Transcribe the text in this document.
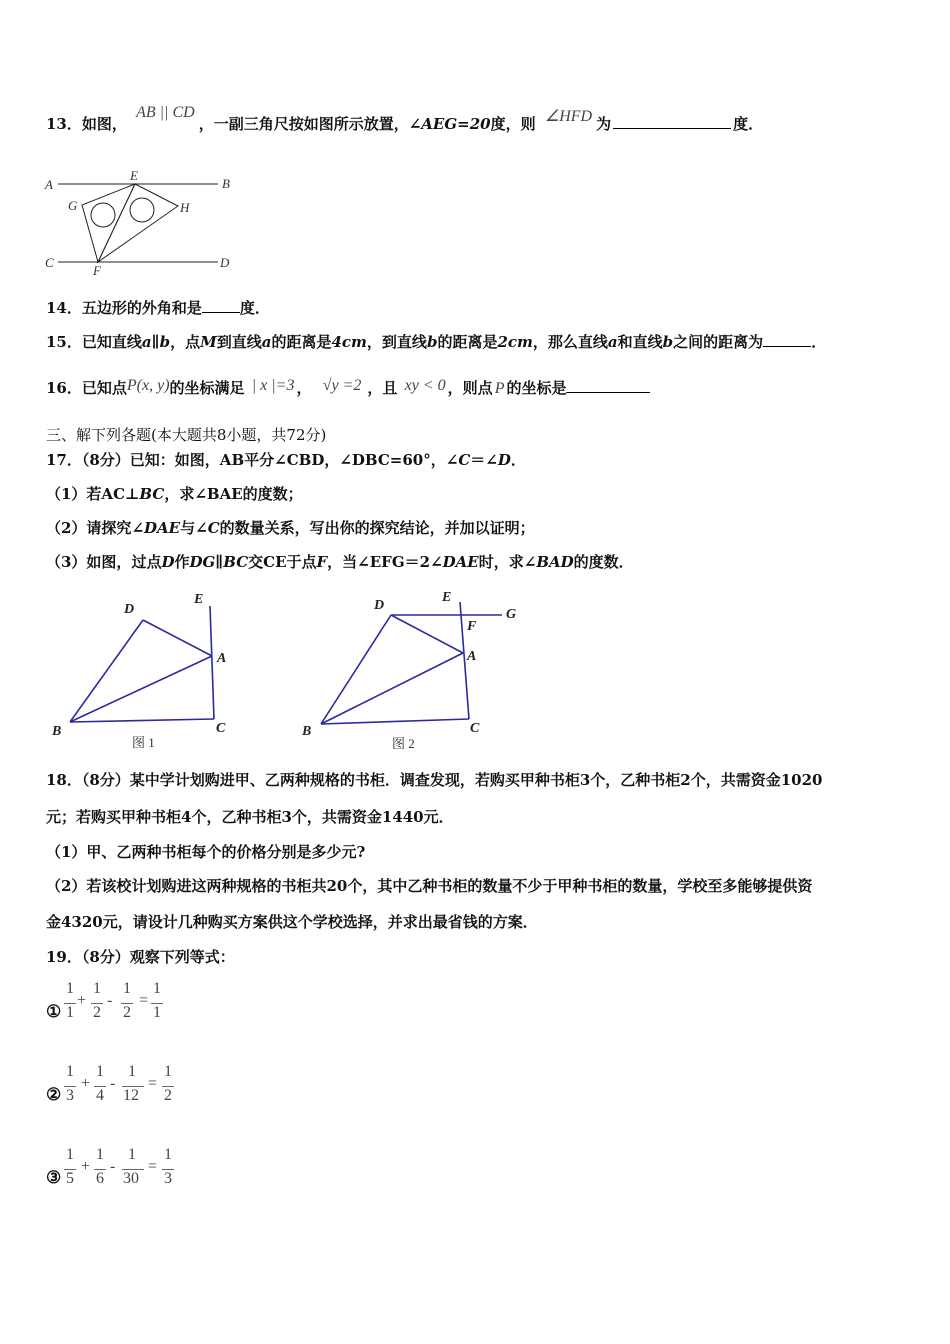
13．如图， AB || CD，一副三角尺按如图所示放置，∠AEG=20度，则 ∠HFD 为	度．
A	B
E
G	H
C
F
D
14．五边形的外角和是	度．
15．已知直线a∥b，点M到直线a的距离是4cm，到直线b的距离是2cm，那么直线a和直线b之间的距离为	．
16．已知点P(x, y)的坐标满足 | x |=3 ， √y =2 ，且 xy < 0 ，则点 P 的坐标是
三、解下列各题(本大题共8小题，共72分)
17．（8分）已知：如图，AB平分∠CBD，∠DBC=60°，∠C＝∠D．
（1）若AC⊥BC，求∠BAE的度数；
（2）请探究∠DAE与∠C的数量关系，写出你的探究结论，并加以证明；
（3）如图，过点D作DG∥BC交CE于点F，当∠EFG＝2∠DAE时，求∠BAD的度数．
D
E
A
B	C
图 1
D
E
G
F
A
B	C
图 2
18．（8分）某中学计划购进甲、乙两种规格的书柜．调查发现，若购买甲种书柜3个，乙种书柜2个，共需资金1020
元；若购买甲种书柜4个，乙种书柜3个，共需资金1440元．
（1）甲、乙两种书柜每个的价格分别是多少元?
（2）若该校计划购进这两种规格的书柜共20个，其中乙种书柜的数量不少于甲种书柜的数量，学校至多能够提供资
金4320元，请设计几种购买方案供这个学校选择，并求出最省钱的方案．
19．（8分）观察下列等式：
①
1
1
+
1
2
-
1
2
=
1
1
②
1
3
+
1
4
-
1
12
=
1
2
③
1
5
+
1
6
-
1
30
=
1
3
